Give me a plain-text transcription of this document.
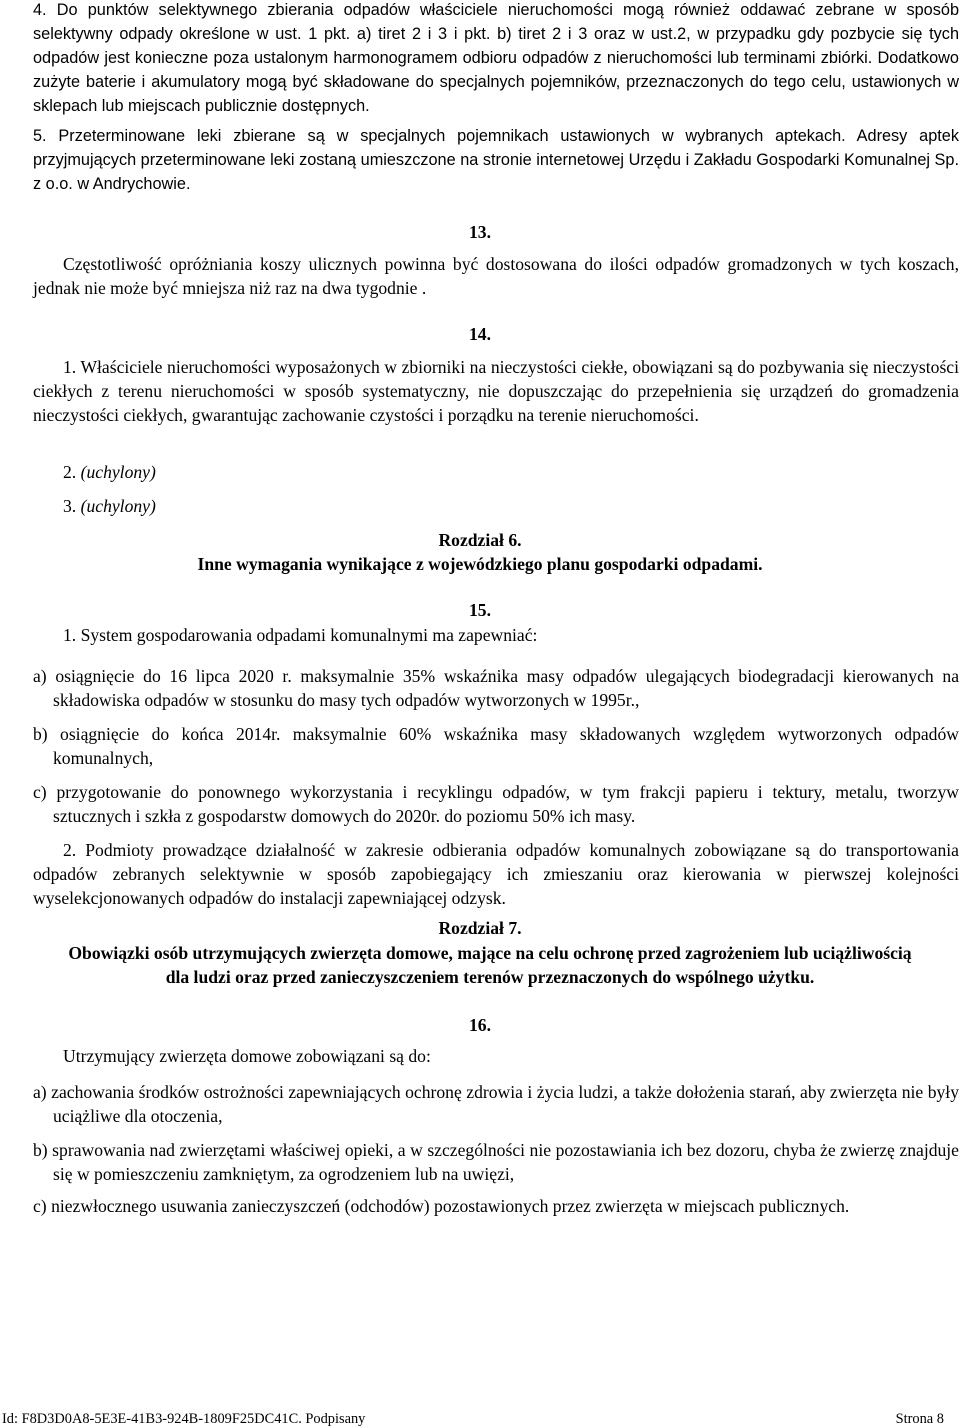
4. Do punktów selektywnego zbierania odpadów właściciele nieruchomości mogą również oddawać zebrane w sposób selektywny odpady określone w ust. 1 pkt. a) tiret 2 i 3 i pkt. b) tiret 2 i 3 oraz w ust.2, w przypadku gdy pozbycie się tych odpadów jest konieczne poza ustalonym harmonogramem odbioru odpadów z nieruchomości lub terminami zbiórki. Dodatkowo zużyte baterie i akumulatory mogą być składowane do specjalnych pojemników, przeznaczonych do tego celu, ustawionych w sklepach lub miejscach publicznie dostępnych.

5. Przeterminowane leki zbierane są w specjalnych pojemnikach ustawionych w wybranych aptekach. Adresy aptek przyjmujących przeterminowane leki zostaną umieszczone na stronie internetowej Urzędu i Zakładu Gospodarki Komunalnej Sp. z o.o. w Andrychowie.

13.

Częstotliwość opróżniania koszy ulicznych powinna być dostosowana do ilości odpadów gromadzonych w tych koszach, jednak nie może być mniejsza niż raz na dwa tygodnie .

14.

1. Właściciele nieruchomości wyposażonych w zbiorniki na nieczystości ciekłe, obowiązani są do pozbywania się nieczystości ciekłych z terenu nieruchomości w sposób systematyczny, nie dopuszczając do przepełnienia się urządzeń do gromadzenia nieczystości ciekłych, gwarantując zachowanie czystości i porządku na terenie nieruchomości.

2. (uchylony)

3. (uchylony)

Rozdział 6.

Inne wymagania wynikające z wojewódzkiego planu gospodarki odpadami.

15.

1. System gospodarowania odpadami komunalnymi ma zapewniać:

a) osiągnięcie do 16 lipca 2020 r. maksymalnie 35% wskaźnika masy odpadów ulegających biodegradacji kierowanych na składowiska odpadów w stosunku do masy tych odpadów wytworzonych w 1995r.,

b) osiągnięcie do końca 2014r. maksymalnie 60% wskaźnika masy składowanych względem wytworzonych odpadów komunalnych,

c) przygotowanie do ponownego wykorzystania i recyklingu odpadów, w tym frakcji papieru i tektury, metalu, tworzyw sztucznych i szkła z gospodarstw domowych do 2020r. do poziomu 50% ich masy.

2. Podmioty prowadzące działalność w zakresie odbierania odpadów komunalnych zobowiązane są do transportowania odpadów zebranych selektywnie w sposób zapobiegający ich zmieszaniu oraz kierowania w pierwszej kolejności wyselekcjonowanych odpadów do instalacji zapewniającej odzysk.

Rozdział 7.

Obowiązki osób utrzymujących zwierzęta domowe, mające na celu ochronę przed zagrożeniem lub uciążliwością dla ludzi oraz przed zanieczyszczeniem terenów przeznaczonych do wspólnego użytku.

16.

Utrzymujący zwierzęta domowe zobowiązani są do:

a) zachowania środków ostrożności zapewniających ochronę zdrowia i życia ludzi, a także dołożenia starań, aby zwierzęta nie były uciążliwe dla otoczenia,

b) sprawowania nad zwierzętami właściwej opieki, a w szczególności nie pozostawiania ich bez dozoru, chyba że zwierzę znajduje się w pomieszczeniu zamkniętym, za ogrodzeniem lub na uwięzi,

c) niezwłocznego usuwania zanieczyszczeń (odchodów) pozostawionych przez zwierzęta w miejscach publicznych.

Id: F8D3D0A8-5E3E-41B3-924B-1809F25DC41C. Podpisany	Strona 8
